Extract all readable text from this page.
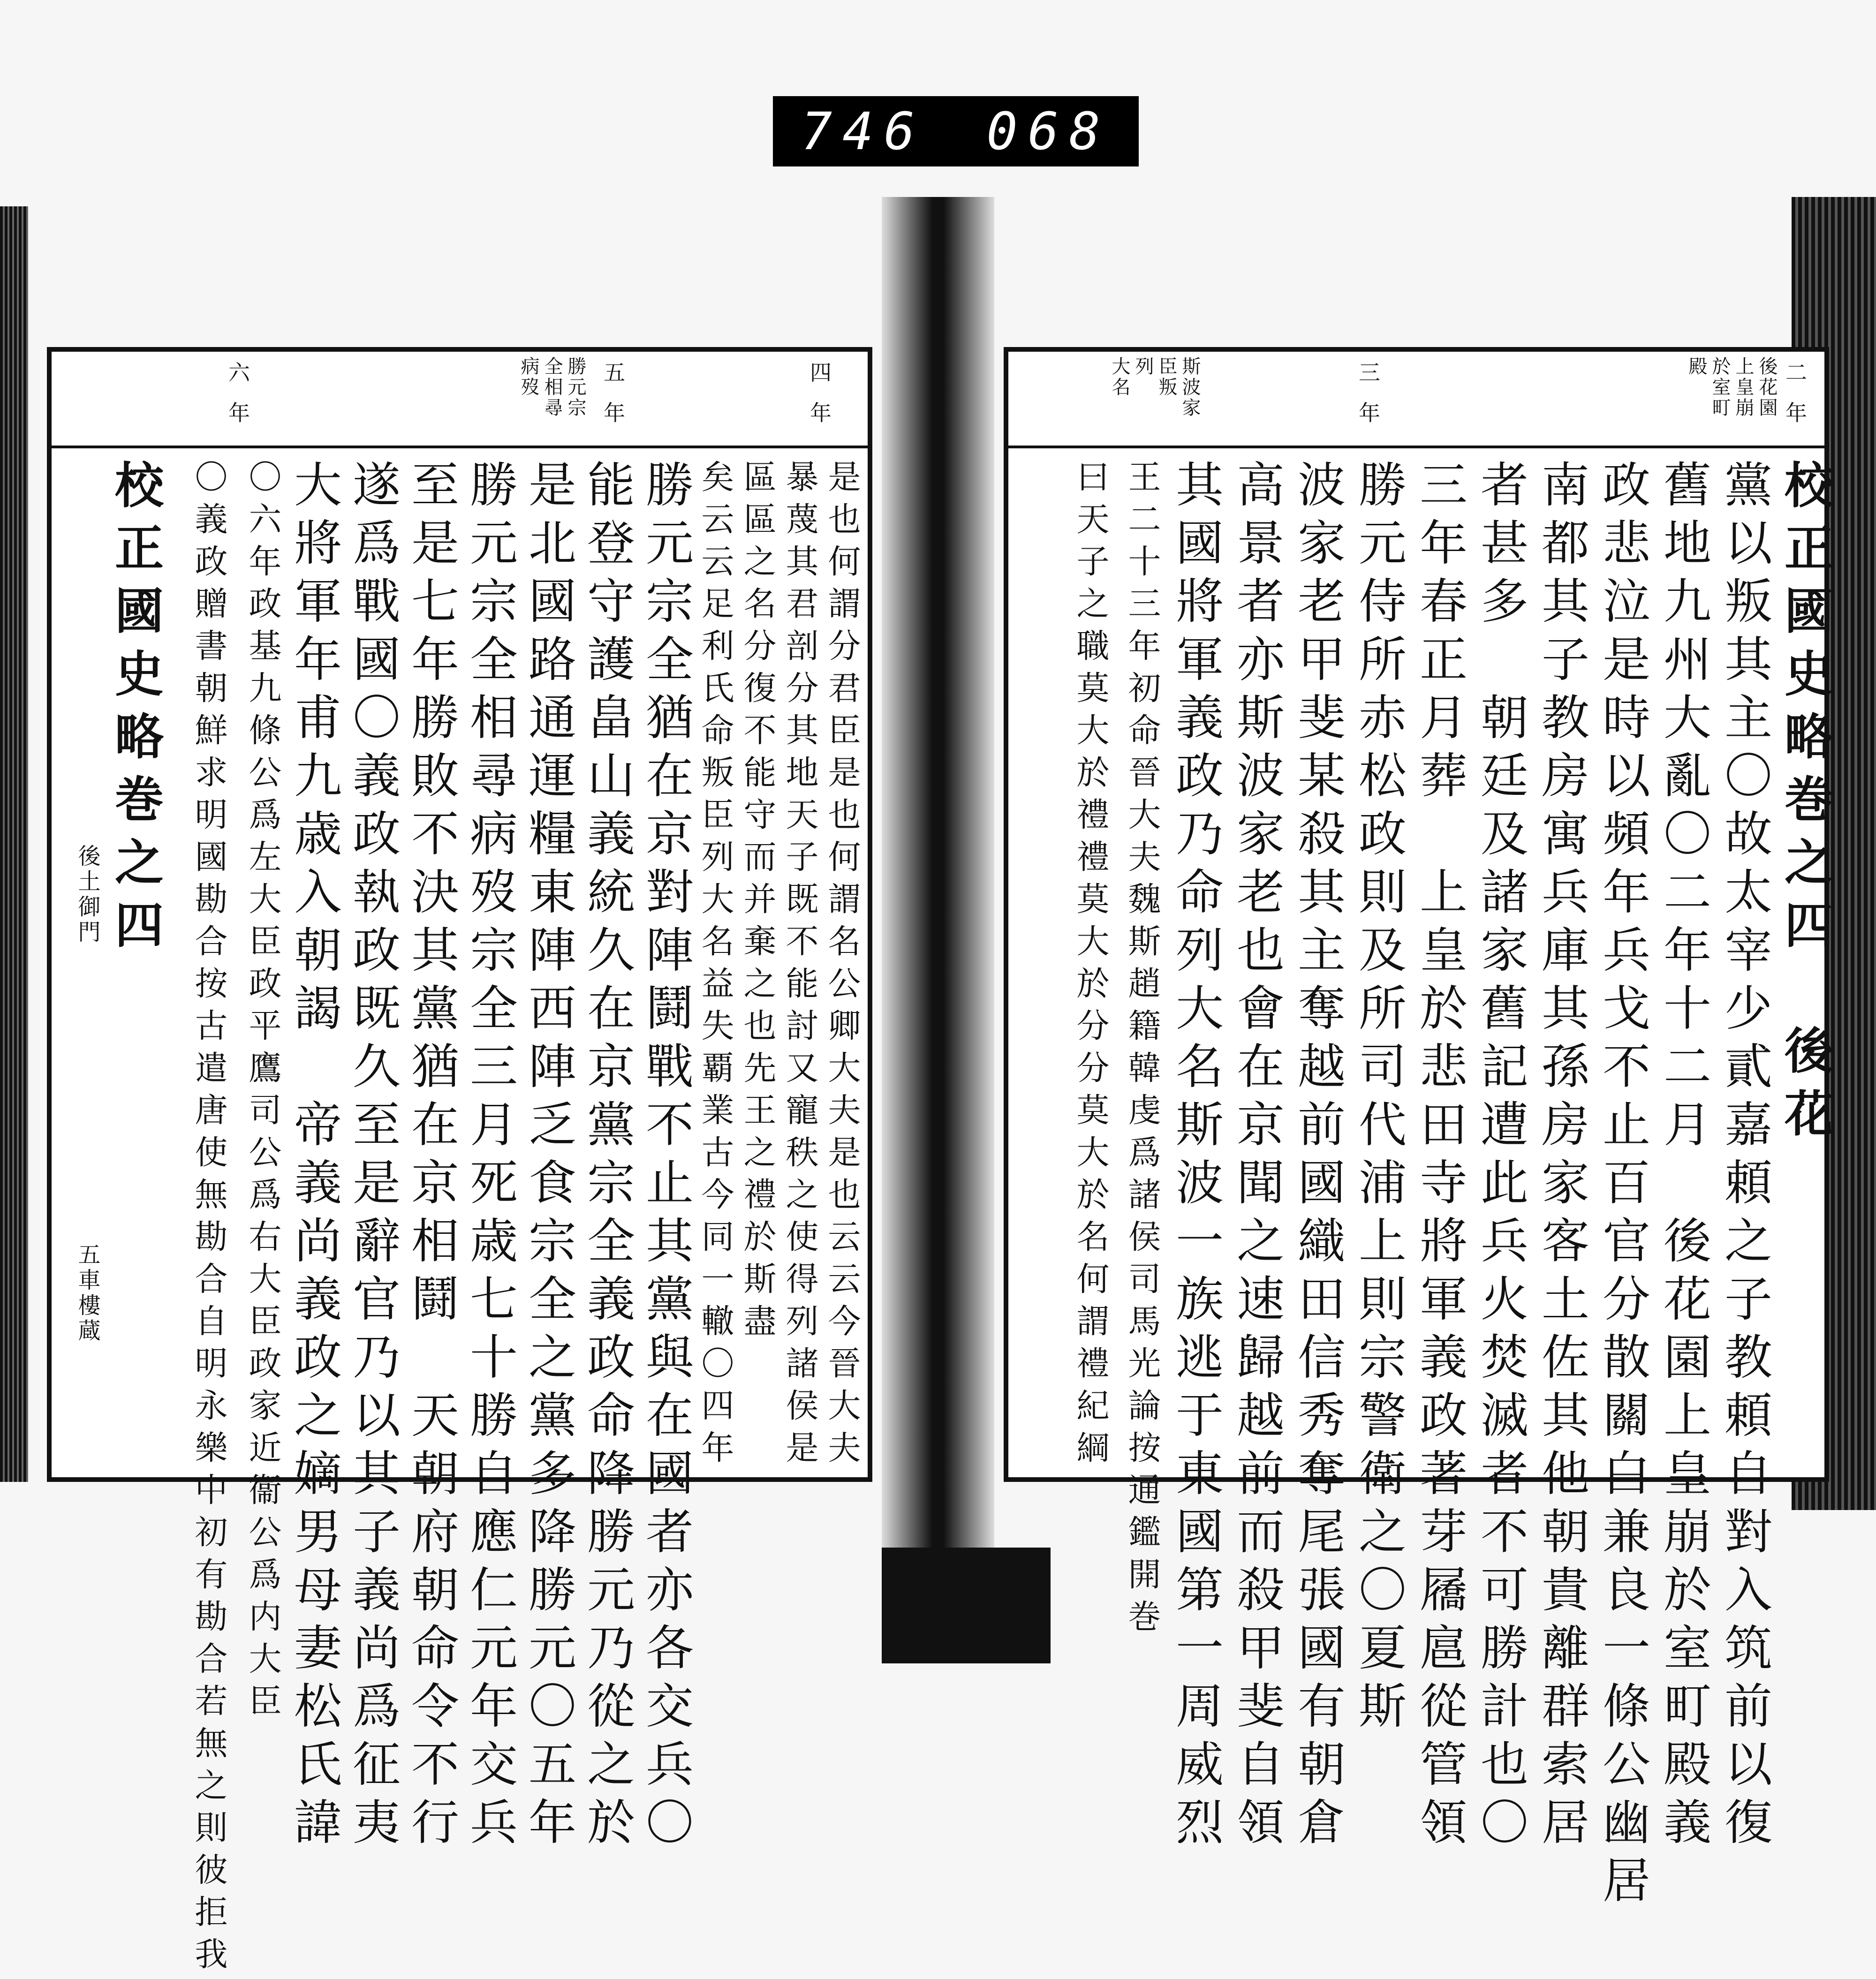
746 068
二年
後花園
上皇崩
於室町
殿
三年
斯波家
臣叛
列
大名
校正國史略巻之四　後花
黨以叛其主〇故太宰少貳嘉頼之子教頼自對入筑前以復
舊地九州大亂〇二年十二月　後花園上皇崩於室町殿義
政悲泣是時以頻年兵戈不止百官分散關白兼良一條公幽居
南都其子教房寓兵庫其孫房家客土佐其他朝貴離群索居
者甚多　朝廷及諸家舊記遭此兵火焚滅者不可勝計也〇
三年春正月葬　上皇於悲田寺將軍義政著芽屩扈從管領
勝元侍所赤松政則及所司代浦上則宗警衛之〇夏斯
波家老甲斐某殺其主奪越前國織田信秀奪尾張國有朝倉
高景者亦斯波家老也會在京聞之速歸越前而殺甲斐自領
其國將軍義政乃命列大名斯波一族逃于東國第一周威烈
王二十三年初命晉大夫魏斯趙籍韓虔爲諸侯司馬光論按通鑑開巻
曰天子之職莫大於禮禮莫大於分分莫大於名何謂禮紀綱
四年
五年
勝元宗
全相尋
病歿
六年
是也何謂分君臣是也何謂名公卿大夫是也云云今晉大夫
暴蔑其君剖分其地天子既不能討又寵秩之使得列諸侯是
區區之名分復不能守而并棄之也先王之禮於斯盡
矣云云足利氏命叛臣列大名益失覇業古今同一轍〇四年
勝元宗全猶在京對陣鬪戰不止其黨與在國者亦各交兵〇
能登守護畠山義統久在京黨宗全義政命降勝元乃從之於
是北國路通運糧東陣西陣乏食宗全之黨多降勝元〇五年
勝元宗全相尋病歿宗全三月死歳七十勝自應仁元年交兵
至是七年勝敗不決其黨猶在京相鬪　天朝府朝命令不行
遂爲戰國〇義政執政既久至是辭官乃以其子義尚爲征夷
大將軍年甫九歳入朝謁　帝義尚義政之嫡男母妻松氏諱
〇六年政基九條公爲左大臣政平鷹司公爲右大臣政家近衞公爲内大臣
〇義政贈書朝鮮求明國勘合按古遣唐使無勘合自明永樂中初有勘合若無之則彼拒我
校正國史略巻之四
後土御門
五車樓蔵
